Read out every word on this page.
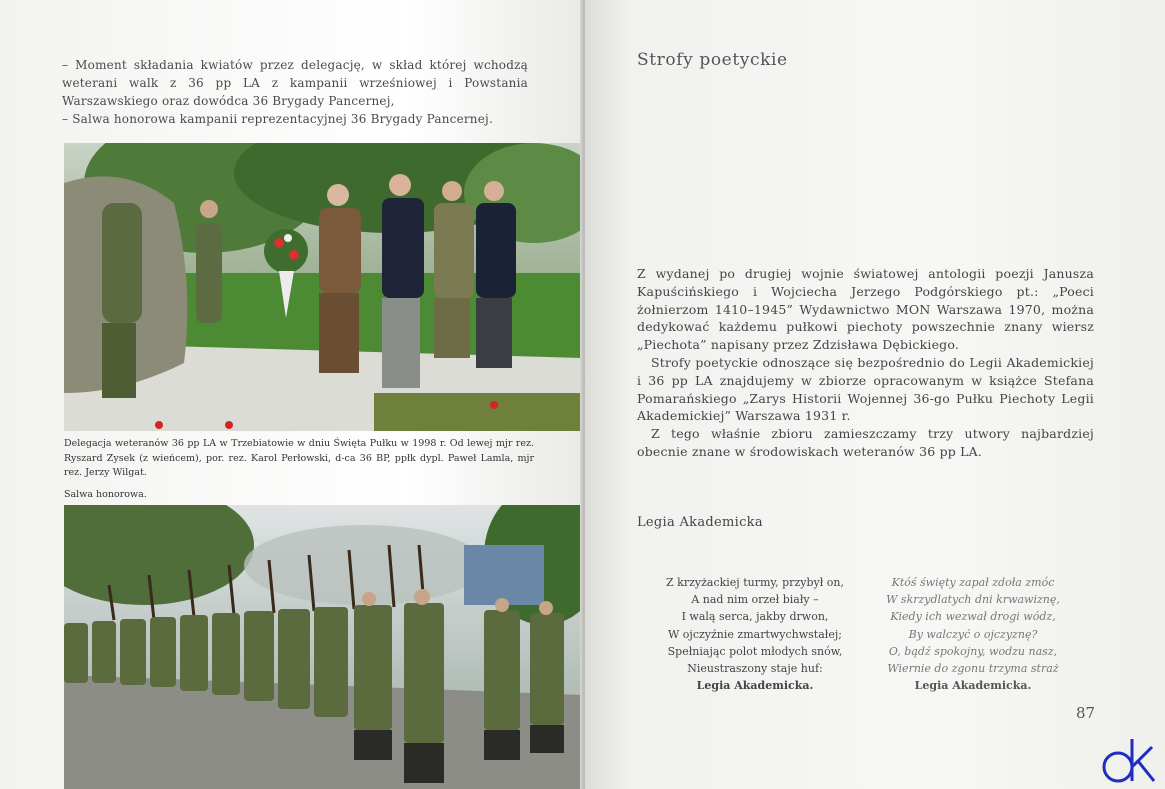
– Moment składania kwiatów przez delegację, w skład której wchodzą weterani walk z 36 pp LA z kampanii wrześniowej i Powstania Warszawskiego oraz dowódca 36 Brygady Pancernej,

– Salwa honorowa kampanii reprezentacyjnej 36 Brygady Pancernej.

Delegacja weteranów 36 pp LA w Trzebiatowie w dniu Święta Pułku w 1998 r. Od lewej mjr rez. Ryszard Zysek (z wieńcem), por. rez. Karol Perłowski, d-ca 36 BP, ppłk dypl. Paweł Lamla, mjr rez. Jerzy Wilgat.
Salwa honorowa.
Strofy poetyckie

Z wydanej po drugiej wojnie światowej antologii poezji Janusza Kapuścińskiego i Wojciecha Jerzego Podgórskiego pt.: „Poeci żołnierzom 1410–1945” Wydawnictwo MON Warszawa 1970, można dedykować każdemu pułkowi piechoty powszechnie znany wiersz „Piechota” napisany przez Zdzisława Dębickiego.

Strofy poetyckie odnoszące się bezpośrednio do Legii Akademickiej i 36 pp LA znajdujemy w zbiorze opracowanym w książce Stefana Pomarańskiego „Zarys Historii Wojennej 36-go Pułku Piechoty Legii Akademickiej” Warszawa 1931 r.

Z tego właśnie zbioru zamieszczamy trzy utwory najbardziej obecnie znane w środowiskach weteranów 36 pp LA.

Legia Akademicka
Z krzyżackiej turmy, przybył on,
A nad nim orzeł biały –
I walą serca, jakby drwon,
W ojczyźnie zmartwychwstałej;
Spełniając polot młodych snów,
Nieustraszony staje huf:
Legia Akademicka.
Któś święty zapał zdoła zmóc
W skrzydlatych dni krwawiznę,
Kiedy ich wezwał drogi wódz,
By walczyć o ojczyznę?
O, bądź spokojny, wodzu nasz,
Wiernie do zgonu trzyma straż
Legia Akademicka.
87
